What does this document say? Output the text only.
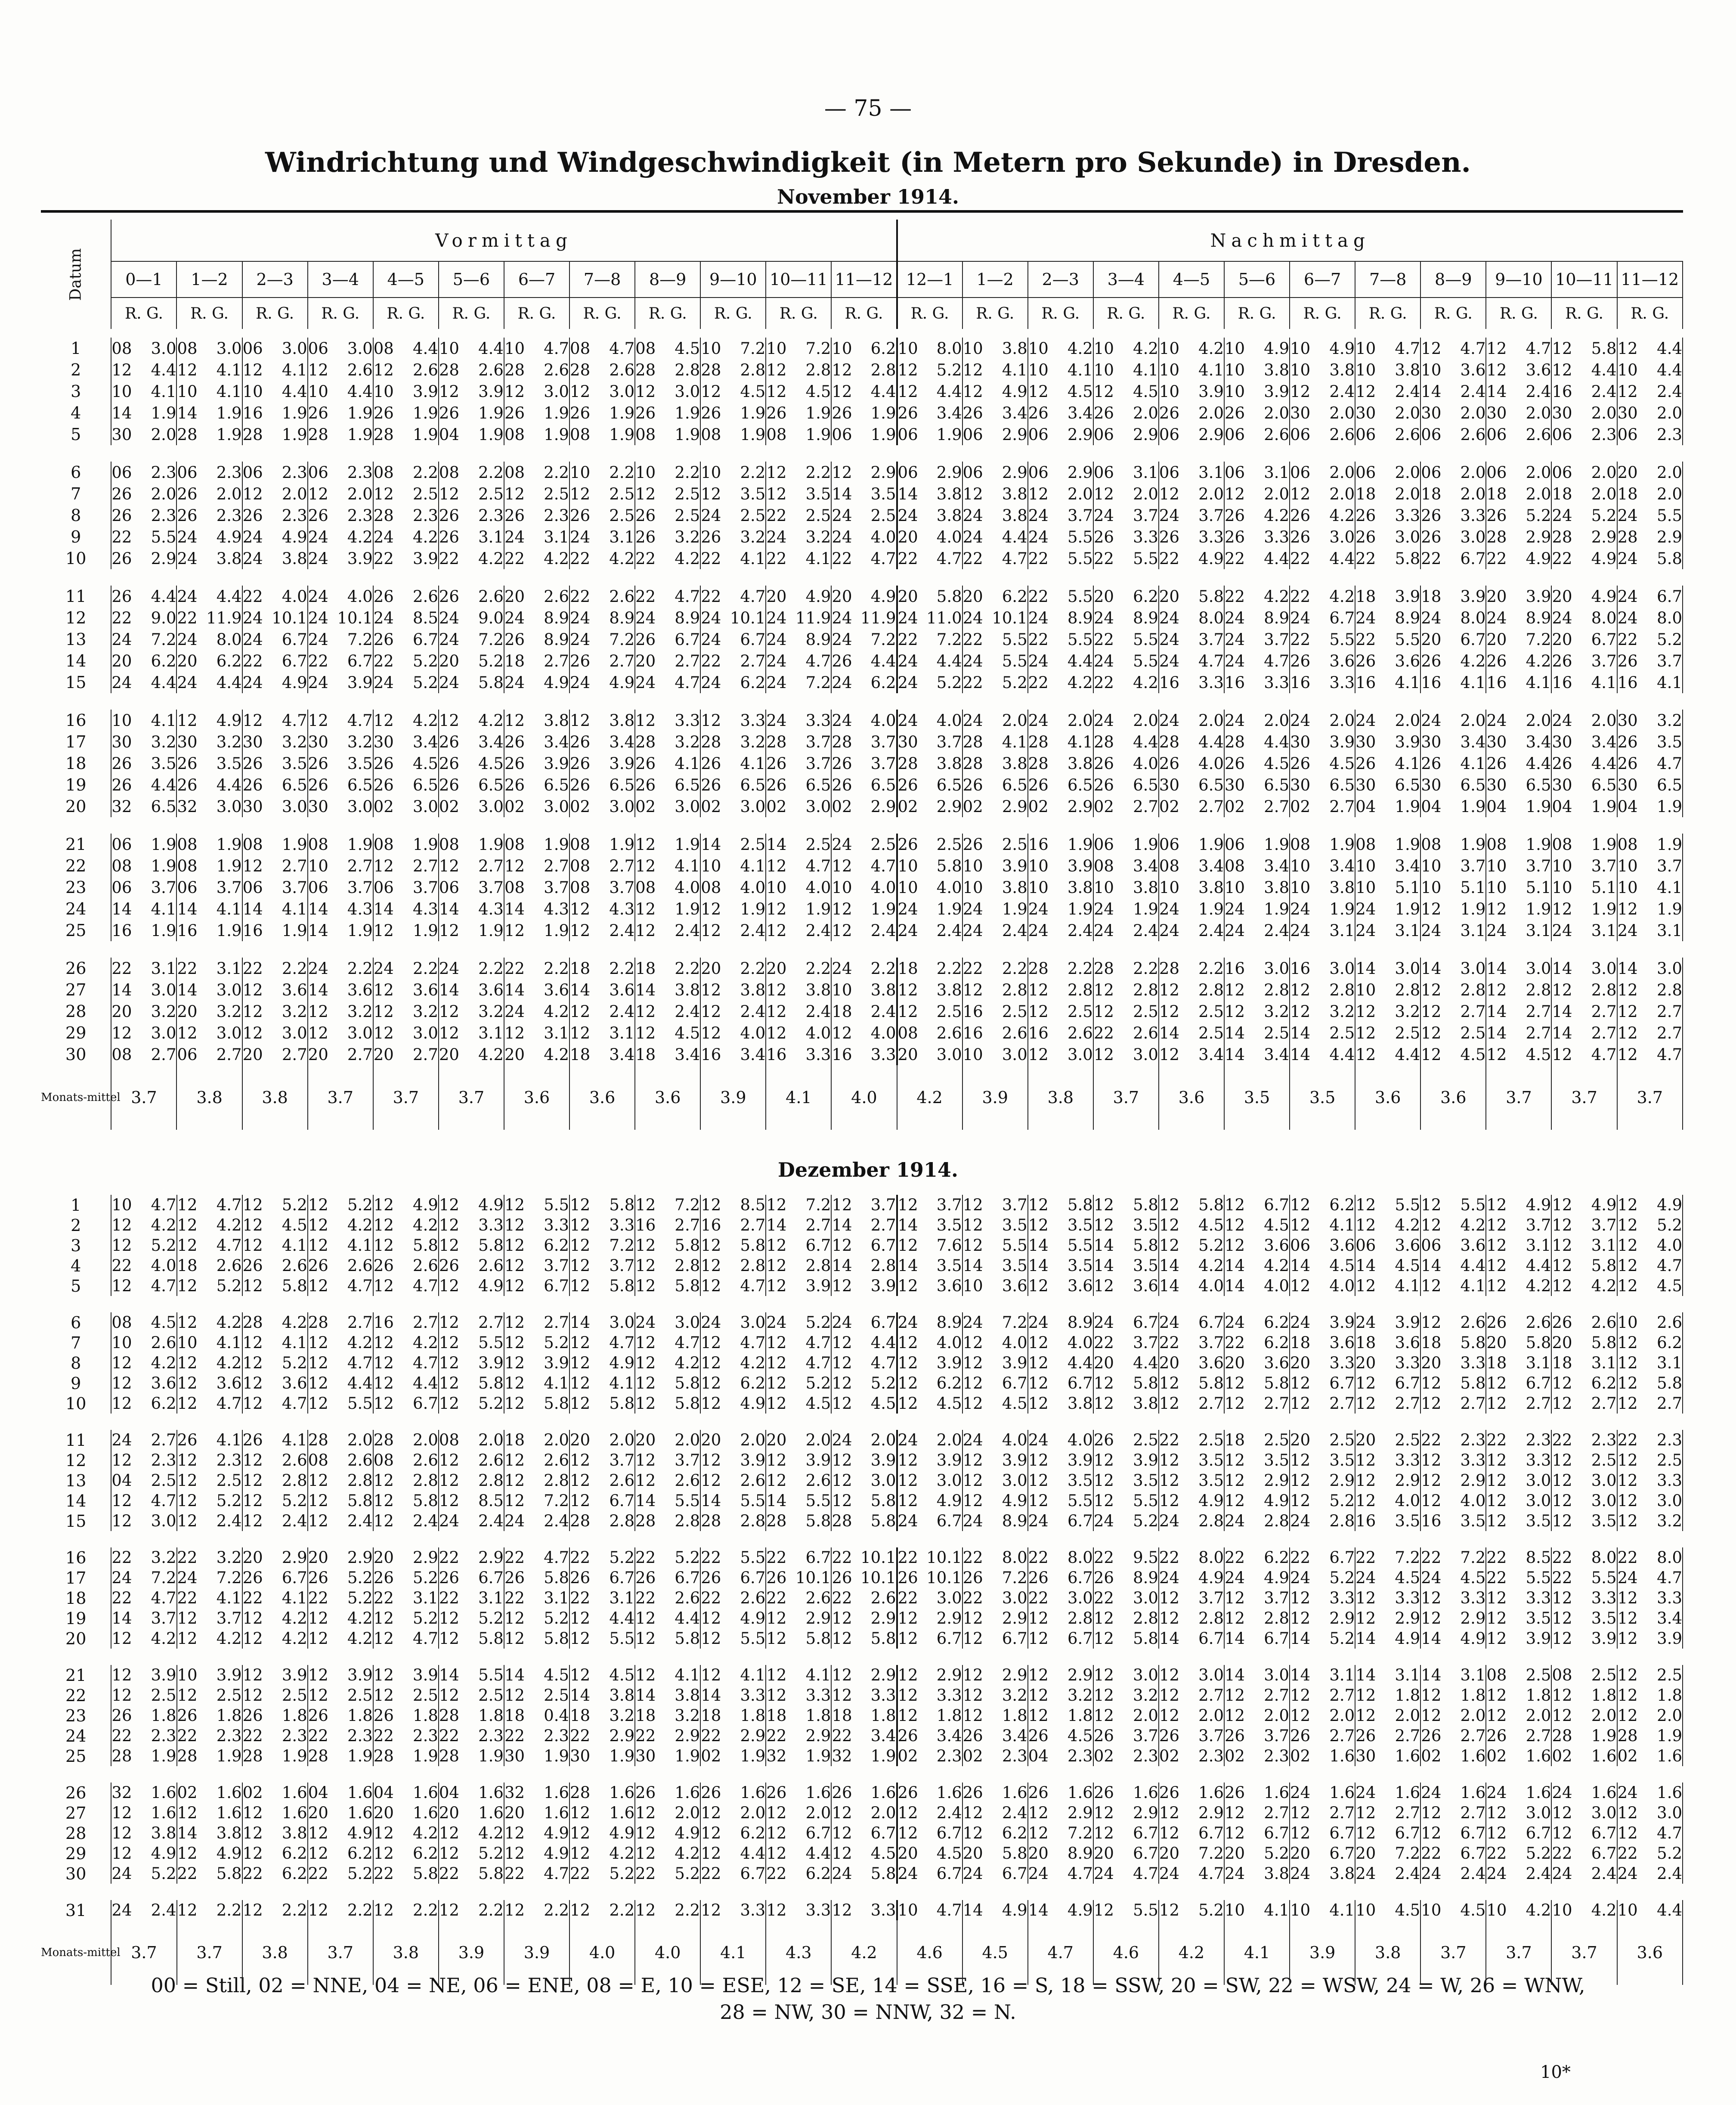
— 75 —
Windrichtung und Windgeschwindigkeit (in Metern pro Sekunde) in Dresden.
November 1914.
Dezember 1914.
00 = Still, 02 = NNE, 04 = NE, 06 = ENE, 08 = E, 10 = ESE, 12 = SE, 14 = SSE, 16 = S, 18 = SSW, 20 = SW, 22 = WSW, 24 = W, 26 = WNW,
28 = NW, 30 = NNW, 32 = N.
10*
Datum	Vormittag																								Nachmittag																							
	0—1		1—2		2—3		3—4		4—5		5—6		6—7		7—8		8—9		9—10		10—11		11—12		12—1		1—2		2—3		3—4		4—5		5—6		6—7		7—8		8—9		9—10		10—11		11—12	
	R. G.		R. G.		R. G.		R. G.		R. G.		R. G.		R. G.		R. G.		R. G.		R. G.		R. G.		R. G.		R. G.		R. G.		R. G.		R. G.		R. G.		R. G.		R. G.		R. G.		R. G.		R. G.		R. G.		R. G.	

1	08	3.0	08	3.0	06	3.0	06	3.0	08	4.4	10	4.4	10	4.7	08	4.7	08	4.5	10	7.2	10	7.2	10	6.2	10	8.0	10	3.8	10	4.2	10	4.2	10	4.2	10	4.9	10	4.9	10	4.7	12	4.7	12	4.7	12	5.8	12	4.4
2	12	4.4	12	4.1	12	4.1	12	2.6	12	2.6	28	2.6	28	2.6	28	2.6	28	2.8	28	2.8	12	2.8	12	2.8	12	5.2	12	4.1	10	4.1	10	4.1	10	4.1	10	3.8	10	3.8	10	3.8	10	3.6	12	3.6	12	4.4	10	4.4
3	10	4.1	10	4.1	10	4.4	10	4.4	10	3.9	12	3.9	12	3.0	12	3.0	12	3.0	12	4.5	12	4.5	12	4.4	12	4.4	12	4.9	12	4.5	12	4.5	10	3.9	10	3.9	12	2.4	12	2.4	14	2.4	14	2.4	16	2.4	12	2.4
4	14	1.9	14	1.9	16	1.9	26	1.9	26	1.9	26	1.9	26	1.9	26	1.9	26	1.9	26	1.9	26	1.9	26	1.9	26	3.4	26	3.4	26	3.4	26	2.0	26	2.0	26	2.0	30	2.0	30	2.0	30	2.0	30	2.0	30	2.0	30	2.0
5	30	2.0	28	1.9	28	1.9	28	1.9	28	1.9	04	1.9	08	1.9	08	1.9	08	1.9	08	1.9	08	1.9	06	1.9	06	1.9	06	2.9	06	2.9	06	2.9	06	2.9	06	2.6	06	2.6	06	2.6	06	2.6	06	2.6	06	2.3	06	2.3

6	06	2.3	06	2.3	06	2.3	06	2.3	08	2.2	08	2.2	08	2.2	10	2.2	10	2.2	10	2.2	12	2.2	12	2.9	06	2.9	06	2.9	06	2.9	06	3.1	06	3.1	06	3.1	06	2.0	06	2.0	06	2.0	06	2.0	06	2.0	20	2.0
7	26	2.0	26	2.0	12	2.0	12	2.0	12	2.5	12	2.5	12	2.5	12	2.5	12	2.5	12	3.5	12	3.5	14	3.5	14	3.8	12	3.8	12	2.0	12	2.0	12	2.0	12	2.0	12	2.0	18	2.0	18	2.0	18	2.0	18	2.0	18	2.0
8	26	2.3	26	2.3	26	2.3	26	2.3	28	2.3	26	2.3	26	2.3	26	2.5	26	2.5	24	2.5	22	2.5	24	2.5	24	3.8	24	3.8	24	3.7	24	3.7	24	3.7	26	4.2	26	4.2	26	3.3	26	3.3	26	5.2	24	5.2	24	5.5
9	22	5.5	24	4.9	24	4.9	24	4.2	24	4.2	26	3.1	24	3.1	24	3.1	26	3.2	26	3.2	24	3.2	24	4.0	20	4.0	24	4.4	24	5.5	26	3.3	26	3.3	26	3.3	26	3.0	26	3.0	26	3.0	28	2.9	28	2.9	28	2.9
10	26	2.9	24	3.8	24	3.8	24	3.9	22	3.9	22	4.2	22	4.2	22	4.2	22	4.2	22	4.1	22	4.1	22	4.7	22	4.7	22	4.7	22	5.5	22	5.5	22	4.9	22	4.4	22	4.4	22	5.8	22	6.7	22	4.9	22	4.9	24	5.8

11	26	4.4	24	4.4	22	4.0	24	4.0	26	2.6	26	2.6	20	2.6	22	2.6	22	4.7	22	4.7	20	4.9	20	4.9	20	5.8	20	6.2	22	5.5	20	6.2	20	5.8	22	4.2	22	4.2	18	3.9	18	3.9	20	3.9	20	4.9	24	6.7
12	22	9.0	22	11.9	24	10.1	24	10.1	24	8.5	24	9.0	24	8.9	24	8.9	24	8.9	24	10.1	24	11.9	24	11.9	24	11.0	24	10.1	24	8.9	24	8.9	24	8.0	24	8.9	24	6.7	24	8.9	24	8.0	24	8.9	24	8.0	24	8.0
13	24	7.2	24	8.0	24	6.7	24	7.2	26	6.7	24	7.2	26	8.9	24	7.2	26	6.7	24	6.7	24	8.9	24	7.2	22	7.2	22	5.5	22	5.5	22	5.5	24	3.7	24	3.7	22	5.5	22	5.5	20	6.7	20	7.2	20	6.7	22	5.2
14	20	6.2	20	6.2	22	6.7	22	6.7	22	5.2	20	5.2	18	2.7	26	2.7	20	2.7	22	2.7	24	4.7	26	4.4	24	4.4	24	5.5	24	4.4	24	5.5	24	4.7	24	4.7	26	3.6	26	3.6	26	4.2	26	4.2	26	3.7	26	3.7
15	24	4.4	24	4.4	24	4.9	24	3.9	24	5.2	24	5.8	24	4.9	24	4.9	24	4.7	24	6.2	24	7.2	24	6.2	24	5.2	22	5.2	22	4.2	22	4.2	16	3.3	16	3.3	16	3.3	16	4.1	16	4.1	16	4.1	16	4.1	16	4.1

16	10	4.1	12	4.9	12	4.7	12	4.7	12	4.2	12	4.2	12	3.8	12	3.8	12	3.3	12	3.3	24	3.3	24	4.0	24	4.0	24	2.0	24	2.0	24	2.0	24	2.0	24	2.0	24	2.0	24	2.0	24	2.0	24	2.0	24	2.0	30	3.2
17	30	3.2	30	3.2	30	3.2	30	3.2	30	3.4	26	3.4	26	3.4	26	3.4	28	3.2	28	3.2	28	3.7	28	3.7	30	3.7	28	4.1	28	4.1	28	4.4	28	4.4	28	4.4	30	3.9	30	3.9	30	3.4	30	3.4	30	3.4	26	3.5
18	26	3.5	26	3.5	26	3.5	26	3.5	26	4.5	26	4.5	26	3.9	26	3.9	26	4.1	26	4.1	26	3.7	26	3.7	28	3.8	28	3.8	28	3.8	26	4.0	26	4.0	26	4.5	26	4.5	26	4.1	26	4.1	26	4.4	26	4.4	26	4.7
19	26	4.4	26	4.4	26	6.5	26	6.5	26	6.5	26	6.5	26	6.5	26	6.5	26	6.5	26	6.5	26	6.5	26	6.5	26	6.5	26	6.5	26	6.5	26	6.5	30	6.5	30	6.5	30	6.5	30	6.5	30	6.5	30	6.5	30	6.5	30	6.5
20	32	6.5	32	3.0	30	3.0	30	3.0	02	3.0	02	3.0	02	3.0	02	3.0	02	3.0	02	3.0	02	3.0	02	2.9	02	2.9	02	2.9	02	2.9	02	2.7	02	2.7	02	2.7	02	2.7	04	1.9	04	1.9	04	1.9	04	1.9	04	1.9

21	06	1.9	08	1.9	08	1.9	08	1.9	08	1.9	08	1.9	08	1.9	08	1.9	12	1.9	14	2.5	14	2.5	24	2.5	26	2.5	26	2.5	16	1.9	06	1.9	06	1.9	06	1.9	08	1.9	08	1.9	08	1.9	08	1.9	08	1.9	08	1.9
22	08	1.9	08	1.9	12	2.7	10	2.7	12	2.7	12	2.7	12	2.7	08	2.7	12	4.1	10	4.1	12	4.7	12	4.7	10	5.8	10	3.9	10	3.9	08	3.4	08	3.4	08	3.4	10	3.4	10	3.4	10	3.7	10	3.7	10	3.7	10	3.7
23	06	3.7	06	3.7	06	3.7	06	3.7	06	3.7	06	3.7	08	3.7	08	3.7	08	4.0	08	4.0	10	4.0	10	4.0	10	4.0	10	3.8	10	3.8	10	3.8	10	3.8	10	3.8	10	3.8	10	5.1	10	5.1	10	5.1	10	5.1	10	4.1
24	14	4.1	14	4.1	14	4.1	14	4.3	14	4.3	14	4.3	14	4.3	12	4.3	12	1.9	12	1.9	12	1.9	12	1.9	24	1.9	24	1.9	24	1.9	24	1.9	24	1.9	24	1.9	24	1.9	24	1.9	12	1.9	12	1.9	12	1.9	12	1.9
25	16	1.9	16	1.9	16	1.9	14	1.9	12	1.9	12	1.9	12	1.9	12	2.4	12	2.4	12	2.4	12	2.4	12	2.4	24	2.4	24	2.4	24	2.4	24	2.4	24	2.4	24	2.4	24	3.1	24	3.1	24	3.1	24	3.1	24	3.1	24	3.1

26	22	3.1	22	3.1	22	2.2	24	2.2	24	2.2	24	2.2	22	2.2	18	2.2	18	2.2	20	2.2	20	2.2	24	2.2	18	2.2	22	2.2	28	2.2	28	2.2	28	2.2	16	3.0	16	3.0	14	3.0	14	3.0	14	3.0	14	3.0	14	3.0
27	14	3.0	14	3.0	12	3.6	14	3.6	12	3.6	14	3.6	14	3.6	14	3.6	14	3.8	12	3.8	12	3.8	10	3.8	12	3.8	12	2.8	12	2.8	12	2.8	12	2.8	12	2.8	12	2.8	10	2.8	12	2.8	12	2.8	12	2.8	12	2.8
28	20	3.2	20	3.2	12	3.2	12	3.2	12	3.2	12	3.2	24	4.2	12	2.4	12	2.4	12	2.4	12	2.4	18	2.4	12	2.5	16	2.5	12	2.5	12	2.5	12	2.5	12	3.2	12	3.2	12	3.2	12	2.7	14	2.7	14	2.7	12	2.7
29	12	3.0	12	3.0	12	3.0	12	3.0	12	3.0	12	3.1	12	3.1	12	3.1	12	4.5	12	4.0	12	4.0	12	4.0	08	2.6	16	2.6	16	2.6	22	2.6	14	2.5	14	2.5	14	2.5	12	2.5	12	2.5	14	2.7	14	2.7	12	2.7
30	08	2.7	06	2.7	20	2.7	20	2.7	20	2.7	20	4.2	20	4.2	18	3.4	18	3.4	16	3.4	16	3.3	16	3.3	20	3.0	10	3.0	12	3.0	12	3.0	12	3.4	14	3.4	14	4.4	12	4.4	12	4.5	12	4.5	12	4.7	12	4.7
Monats-mittel	3.7		3.8		3.8		3.7		3.7		3.7		3.6		3.6		3.6		3.9		4.1		4.0		4.2		3.9		3.8		3.7		3.6		3.5		3.5		3.6		3.6		3.7		3.7		3.7	

1	10	4.7	12	4.7	12	5.2	12	5.2	12	4.9	12	4.9	12	5.5	12	5.8	12	7.2	12	8.5	12	7.2	12	3.7	12	3.7	12	3.7	12	5.8	12	5.8	12	5.8	12	6.7	12	6.2	12	5.5	12	5.5	12	4.9	12	4.9	12	4.9
2	12	4.2	12	4.2	12	4.5	12	4.2	12	4.2	12	3.3	12	3.3	12	3.3	16	2.7	16	2.7	14	2.7	14	2.7	14	3.5	12	3.5	12	3.5	12	3.5	12	4.5	12	4.5	12	4.1	12	4.2	12	4.2	12	3.7	12	3.7	12	5.2
3	12	5.2	12	4.7	12	4.1	12	4.1	12	5.8	12	5.8	12	6.2	12	7.2	12	5.8	12	5.8	12	6.7	12	6.7	12	7.6	12	5.5	14	5.5	14	5.8	12	5.2	12	3.6	06	3.6	06	3.6	06	3.6	12	3.1	12	3.1	12	4.0
4	22	4.0	18	2.6	26	2.6	26	2.6	26	2.6	26	2.6	12	3.7	12	3.7	12	2.8	12	2.8	12	2.8	14	2.8	14	3.5	14	3.5	14	3.5	14	3.5	14	4.2	14	4.2	14	4.5	14	4.5	14	4.4	12	4.4	12	5.8	12	4.7
5	12	4.7	12	5.2	12	5.8	12	4.7	12	4.7	12	4.9	12	6.7	12	5.8	12	5.8	12	4.7	12	3.9	12	3.9	12	3.6	10	3.6	12	3.6	12	3.6	14	4.0	14	4.0	12	4.0	12	4.1	12	4.1	12	4.2	12	4.2	12	4.5

6	08	4.5	12	4.2	28	4.2	28	2.7	16	2.7	12	2.7	12	2.7	14	3.0	24	3.0	24	3.0	24	5.2	24	6.7	24	8.9	24	7.2	24	8.9	24	6.7	24	6.7	24	6.2	24	3.9	24	3.9	12	2.6	26	2.6	26	2.6	10	2.6
7	10	2.6	10	4.1	12	4.1	12	4.2	12	4.2	12	5.5	12	5.2	12	4.7	12	4.7	12	4.7	12	4.7	12	4.4	12	4.0	12	4.0	12	4.0	22	3.7	22	3.7	22	6.2	18	3.6	18	3.6	18	5.8	20	5.8	20	5.8	12	6.2
8	12	4.2	12	4.2	12	5.2	12	4.7	12	4.7	12	3.9	12	3.9	12	4.9	12	4.2	12	4.2	12	4.7	12	4.7	12	3.9	12	3.9	12	4.4	20	4.4	20	3.6	20	3.6	20	3.3	20	3.3	20	3.3	18	3.1	18	3.1	12	3.1
9	12	3.6	12	3.6	12	3.6	12	4.4	12	4.4	12	5.8	12	4.1	12	4.1	12	5.8	12	6.2	12	5.2	12	5.2	12	6.2	12	6.7	12	6.7	12	5.8	12	5.8	12	5.8	12	6.7	12	6.7	12	5.8	12	6.7	12	6.2	12	5.8
10	12	6.2	12	4.7	12	4.7	12	5.5	12	6.7	12	5.2	12	5.8	12	5.8	12	5.8	12	4.9	12	4.5	12	4.5	12	4.5	12	4.5	12	3.8	12	3.8	12	2.7	12	2.7	12	2.7	12	2.7	12	2.7	12	2.7	12	2.7	12	2.7

11	24	2.7	26	4.1	26	4.1	28	2.0	28	2.0	08	2.0	18	2.0	20	2.0	20	2.0	20	2.0	20	2.0	24	2.0	24	2.0	24	4.0	24	4.0	26	2.5	22	2.5	18	2.5	20	2.5	20	2.5	22	2.3	22	2.3	22	2.3	22	2.3
12	12	2.3	12	2.3	12	2.6	08	2.6	08	2.6	12	2.6	12	2.6	12	3.7	12	3.7	12	3.9	12	3.9	12	3.9	12	3.9	12	3.9	12	3.9	12	3.9	12	3.5	12	3.5	12	3.5	12	3.3	12	3.3	12	3.3	12	2.5	12	2.5
13	04	2.5	12	2.5	12	2.8	12	2.8	12	2.8	12	2.8	12	2.8	12	2.6	12	2.6	12	2.6	12	2.6	12	3.0	12	3.0	12	3.0	12	3.5	12	3.5	12	3.5	12	2.9	12	2.9	12	2.9	12	2.9	12	3.0	12	3.0	12	3.3
14	12	4.7	12	5.2	12	5.2	12	5.8	12	5.8	12	8.5	12	7.2	12	6.7	14	5.5	14	5.5	14	5.5	12	5.8	12	4.9	12	4.9	12	5.5	12	5.5	12	4.9	12	4.9	12	5.2	12	4.0	12	4.0	12	3.0	12	3.0	12	3.0
15	12	3.0	12	2.4	12	2.4	12	2.4	12	2.4	24	2.4	24	2.4	28	2.8	28	2.8	28	2.8	28	5.8	28	5.8	24	6.7	24	8.9	24	6.7	24	5.2	24	2.8	24	2.8	24	2.8	16	3.5	16	3.5	12	3.5	12	3.5	12	3.2

16	22	3.2	22	3.2	20	2.9	20	2.9	20	2.9	22	2.9	22	4.7	22	5.2	22	5.2	22	5.5	22	6.7	22	10.1	22	10.1	22	8.0	22	8.0	22	9.5	22	8.0	22	6.2	22	6.7	22	7.2	22	7.2	22	8.5	22	8.0	22	8.0
17	24	7.2	24	7.2	26	6.7	26	5.2	26	5.2	26	6.7	26	5.8	26	6.7	26	6.7	26	6.7	26	10.1	26	10.1	26	10.1	26	7.2	26	6.7	26	8.9	24	4.9	24	4.9	24	5.2	24	4.5	24	4.5	22	5.5	22	5.5	24	4.7
18	22	4.7	22	4.1	22	4.1	22	5.2	22	3.1	22	3.1	22	3.1	22	3.1	22	2.6	22	2.6	22	2.6	22	2.6	22	3.0	22	3.0	22	3.0	22	3.0	12	3.7	12	3.7	12	3.3	12	3.3	12	3.3	12	3.3	12	3.3	12	3.3
19	14	3.7	12	3.7	12	4.2	12	4.2	12	5.2	12	5.2	12	5.2	12	4.4	12	4.4	12	4.9	12	2.9	12	2.9	12	2.9	12	2.9	12	2.8	12	2.8	12	2.8	12	2.8	12	2.9	12	2.9	12	2.9	12	3.5	12	3.5	12	3.4
20	12	4.2	12	4.2	12	4.2	12	4.2	12	4.7	12	5.8	12	5.8	12	5.5	12	5.8	12	5.5	12	5.8	12	5.8	12	6.7	12	6.7	12	6.7	12	5.8	14	6.7	14	6.7	14	5.2	14	4.9	14	4.9	12	3.9	12	3.9	12	3.9

21	12	3.9	10	3.9	12	3.9	12	3.9	12	3.9	14	5.5	14	4.5	12	4.5	12	4.1	12	4.1	12	4.1	12	2.9	12	2.9	12	2.9	12	2.9	12	3.0	12	3.0	14	3.0	14	3.1	14	3.1	14	3.1	08	2.5	08	2.5	12	2.5
22	12	2.5	12	2.5	12	2.5	12	2.5	12	2.5	12	2.5	12	2.5	14	3.8	14	3.8	14	3.3	12	3.3	12	3.3	12	3.3	12	3.2	12	3.2	12	3.2	12	2.7	12	2.7	12	2.7	12	1.8	12	1.8	12	1.8	12	1.8	12	1.8
23	26	1.8	26	1.8	26	1.8	26	1.8	26	1.8	28	1.8	18	0.4	18	3.2	18	3.2	18	1.8	18	1.8	18	1.8	12	1.8	12	1.8	12	1.8	12	2.0	12	2.0	12	2.0	12	2.0	12	2.0	12	2.0	12	2.0	12	2.0	12	2.0
24	22	2.3	22	2.3	22	2.3	22	2.3	22	2.3	22	2.3	22	2.3	22	2.9	22	2.9	22	2.9	22	2.9	22	3.4	26	3.4	26	3.4	26	4.5	26	3.7	26	3.7	26	3.7	26	2.7	26	2.7	26	2.7	26	2.7	28	1.9	28	1.9
25	28	1.9	28	1.9	28	1.9	28	1.9	28	1.9	28	1.9	30	1.9	30	1.9	30	1.9	02	1.9	32	1.9	32	1.9	02	2.3	02	2.3	04	2.3	02	2.3	02	2.3	02	2.3	02	1.6	30	1.6	02	1.6	02	1.6	02	1.6	02	1.6

26	32	1.6	02	1.6	02	1.6	04	1.6	04	1.6	04	1.6	32	1.6	28	1.6	26	1.6	26	1.6	26	1.6	26	1.6	26	1.6	26	1.6	26	1.6	26	1.6	26	1.6	26	1.6	24	1.6	24	1.6	24	1.6	24	1.6	24	1.6	24	1.6
27	12	1.6	12	1.6	12	1.6	20	1.6	20	1.6	20	1.6	20	1.6	12	1.6	12	2.0	12	2.0	12	2.0	12	2.0	12	2.4	12	2.4	12	2.9	12	2.9	12	2.9	12	2.7	12	2.7	12	2.7	12	2.7	12	3.0	12	3.0	12	3.0
28	12	3.8	14	3.8	12	3.8	12	4.9	12	4.2	12	4.2	12	4.9	12	4.9	12	4.9	12	6.2	12	6.7	12	6.7	12	6.7	12	6.2	12	7.2	12	6.7	12	6.7	12	6.7	12	6.7	12	6.7	12	6.7	12	6.7	12	6.7	12	4.7
29	12	4.9	12	4.9	12	6.2	12	6.2	12	6.2	12	5.2	12	4.9	12	4.2	12	4.2	12	4.4	12	4.4	12	4.5	20	4.5	20	5.8	20	8.9	20	6.7	20	7.2	20	5.2	20	6.7	20	7.2	22	6.7	22	5.2	22	6.7	22	5.2
30	24	5.2	22	5.8	22	6.2	22	5.2	22	5.8	22	5.8	22	4.7	22	5.2	22	5.2	22	6.7	22	6.2	24	5.8	24	6.7	24	6.7	24	4.7	24	4.7	24	4.7	24	3.8	24	3.8	24	2.4	24	2.4	24	2.4	24	2.4	24	2.4

31	24	2.4	12	2.2	12	2.2	12	2.2	12	2.2	12	2.2	12	2.2	12	2.2	12	2.2	12	3.3	12	3.3	12	3.3	10	4.7	14	4.9	14	4.9	12	5.5	12	5.2	10	4.1	10	4.1	10	4.5	10	4.5	10	4.2	10	4.2	10	4.4
Monats-mittel	3.7		3.7		3.8		3.7		3.8		3.9		3.9		4.0		4.0		4.1		4.3		4.2		4.6		4.5		4.7		4.6		4.2		4.1		3.9		3.8		3.7		3.7		3.7		3.6	
